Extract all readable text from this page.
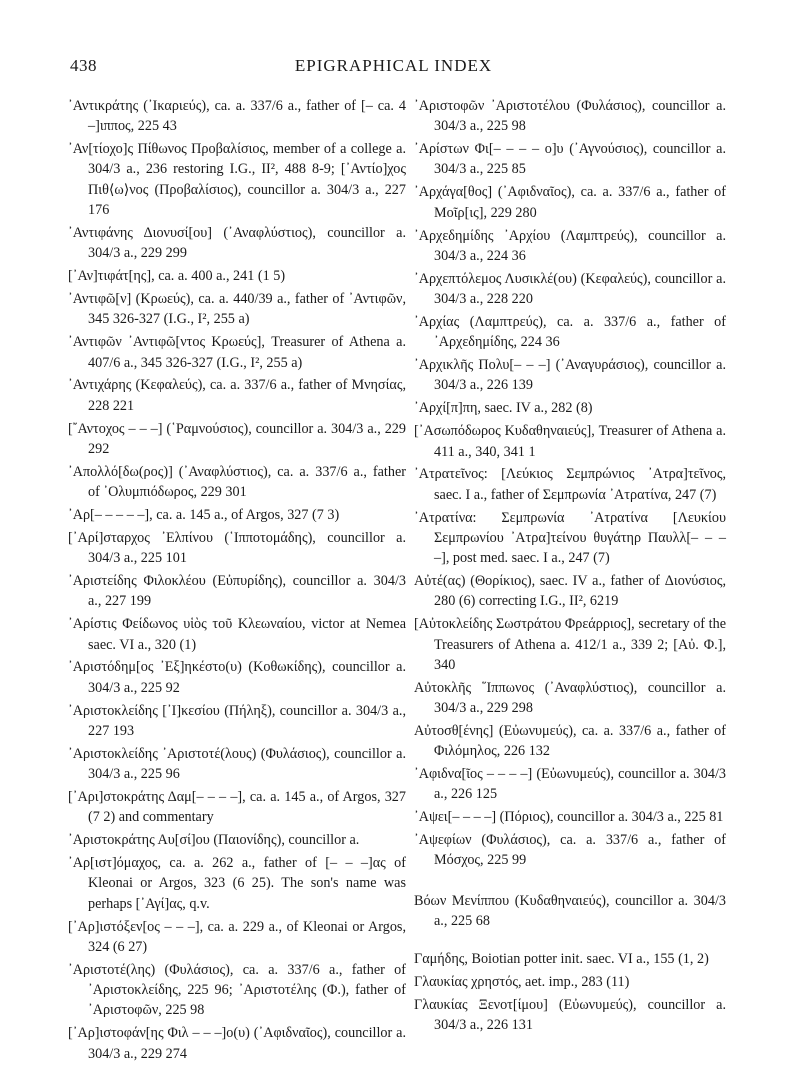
438	EPIGRAPHICAL INDEX

᾿Αντικράτης (᾿Ικαριεύς), ca. a. 337/6 a., father of [– ca. 4 –]ιππος, 225 43

᾿Αν[τίοχο]ς Πίθωνος Προβαλίσιος, member of a college a. 304/3 a., 236 restoring I.G., II², 488 8-9; [᾿Αντίο]χος Πιθ⟨ω⟩νος (Προβαλίσιος), councillor a. 304/3 a., 227 176

᾿Αντιφάνης Διονυσί[ου] (᾿Αναφλύστιος), councillor a. 304/3 a., 229 299

[᾿Αν]τιφάτ[ης], ca. a. 400 a., 241 (1 5)

᾿Αντιφῶ[ν] (Κρωεύς), ca. a. 440/39 a., father of ᾿Αντιφῶν, 345 326-327 (I.G., I², 255 a)

᾿Αντιφῶν ᾿Αντιφῶ[ντος Κρωεύς], Treasurer of Athena a. 407/6 a., 345 326-327 (I.G., I², 255 a)

᾿Αντιχάρης (Κεφαλεύς), ca. a. 337/6 a., father of Μνησίας, 228 221

[῎Αντοχος – – –] (῾Ραμνούσιος), councillor a. 304/3 a., 229 292

᾿Απολλό[δω(ρος)] (᾿Αναφλύστιος), ca. a. 337/6 a., father of ᾿Ολυμπιόδωρος, 229 301

᾿Αρ[– – – – –], ca. a. 145 a., of Argos, 327 (7 3)

[᾿Αρί]σταρχος ᾿Ελπίνου (῾Ιπποτομάδης), councillor a. 304/3 a., 225 101

᾿Αριστείδης Φιλοκλέου (Εὐπυρίδης), councillor a. 304/3 a., 227 199

᾿Αρίστις Φείδωνος υἱὸς τοῦ Κλεωναίου, victor at Nemea saec. VI a., 320 (1)

᾿Αριστόδημ[ος ᾿Εξ]ηκέστο(υ) (Κοθωκίδης), councillor a. 304/3 a., 225 92

᾿Αριστοκλείδης [᾿Ι]κεσίου (Πήληξ), councillor a. 304/3 a., 227 193

᾿Αριστοκλείδης ᾿Αριστοτέ(λους) (Φυλάσιος), councillor a. 304/3 a., 225 96

[᾿Αρι]στοκράτης Δαμ[– – – –], ca. a. 145 a., of Argos, 327 (7 2) and commentary

᾿Αριστοκράτης Αυ[σί]ου (Παιονίδης), councillor a.

᾿Αρ[ιστ]όμαχος, ca. a. 262 a., father of [– – –]ας of Kleonai or Argos, 323 (6 25). The son's name was perhaps [᾿Αγί]ας, q.v.

[᾿Αρ]ιστόξεν[ος – – –], ca. a. 229 a., of Kleonai or Argos, 324 (6 27)

᾿Αριστοτέ(λης) (Φυλάσιος), ca. a. 337/6 a., father of ᾿Αριστοκλείδης, 225 96; ᾿Αριστοτέλης (Φ.), father of ᾿Αριστοφῶν, 225 98

[᾿Αρ]ιστοφάν[ης Φιλ – – –]ο(υ) (᾿Αφιδναῖος), councillor a. 304/3 a., 229 274

᾿Αριστοφῶν ᾿Αριστοτέλου (Φυλάσιος), councillor a. 304/3 a., 225 98

᾿Αρίστων Φι[– – – – ο]υ (᾿Αγνούσιος), councillor a. 304/3 a., 225 85

᾿Αρχάγα[θος] (᾿Αφιδναῖος), ca. a. 337/6 a., father of Μοῖρ[ις], 229 280

᾿Αρχεδημίδης ᾿Αρχίου (Λαμπτρεύς), councillor a. 304/3 a., 224 36

᾿Αρχεπτόλεμος Λυσικλέ(ου) (Κεφαλεύς), councillor a. 304/3 a., 228 220

᾿Αρχίας (Λαμπτρεύς), ca. a. 337/6 a., father of ᾿Αρχεδημίδης, 224 36

᾿Αρχικλῆς Πολυ[– – –] (᾿Αναγυράσιος), councillor a. 304/3 a., 226 139

᾿Αρχί[π]πη, saec. IV a., 282 (8)

[᾿Ασωπόδωρος Κυδαθηναιεύς], Treasurer of Athena a. 411 a., 340, 341 1

᾿Ατρατεῖνος: [Λεύκιος Σεμπρώνιος ᾿Ατρα]τεῖνος, saec. I a., father of Σεμπρωνία ᾿Ατρατίνα, 247 (7)

᾿Ατρατίνα: Σεμπρωνία ᾿Ατρατίνα [Λευκίου Σεμπρωνίου ᾿Ατρα]τείνου θυγάτηρ Παυλλ[– – – –], post med. saec. I a., 247 (7)

Αὐτέ(ας) (Θορίκιος), saec. IV a., father of Διονύσιος, 280 (6) correcting I.G., II², 6219

[Αὐτοκλείδης Σωστράτου Φρεάρριος], secretary of the Treasurers of Athena a. 412/1 a., 339 2; [Αὐ. Φ.], 340

Αὐτοκλῆς ῞Ιππωνος (᾿Αναφλύστιος), councillor a. 304/3 a., 229 298

Αὐτοσθ[ένης] (Εὐωνυμεύς), ca. a. 337/6 a., father of Φιλόμηλος, 226 132

᾿Αφιδνα[ῖος – – – –] (Εὐωνυμεύς), councillor a. 304/3 a., 226 125

᾿Αψει[– – – –] (Πόριος), councillor a. 304/3 a., 225 81

᾿Αψεφίων (Φυλάσιος), ca. a. 337/6 a., father of Μόσχος, 225 99

Βόων Μενίππου (Κυδαθηναιεύς), councillor a. 304/3 a., 225 68

Γαμήδης, Boiotian potter init. saec. VI a., 155 (1, 2)

Γλαυκίας χρηστός, aet. imp., 283 (11)

Γλαυκίας Ξενοτ[ίμου] (Εὐωνυμεύς), councillor a. 304/3 a., 226 131
